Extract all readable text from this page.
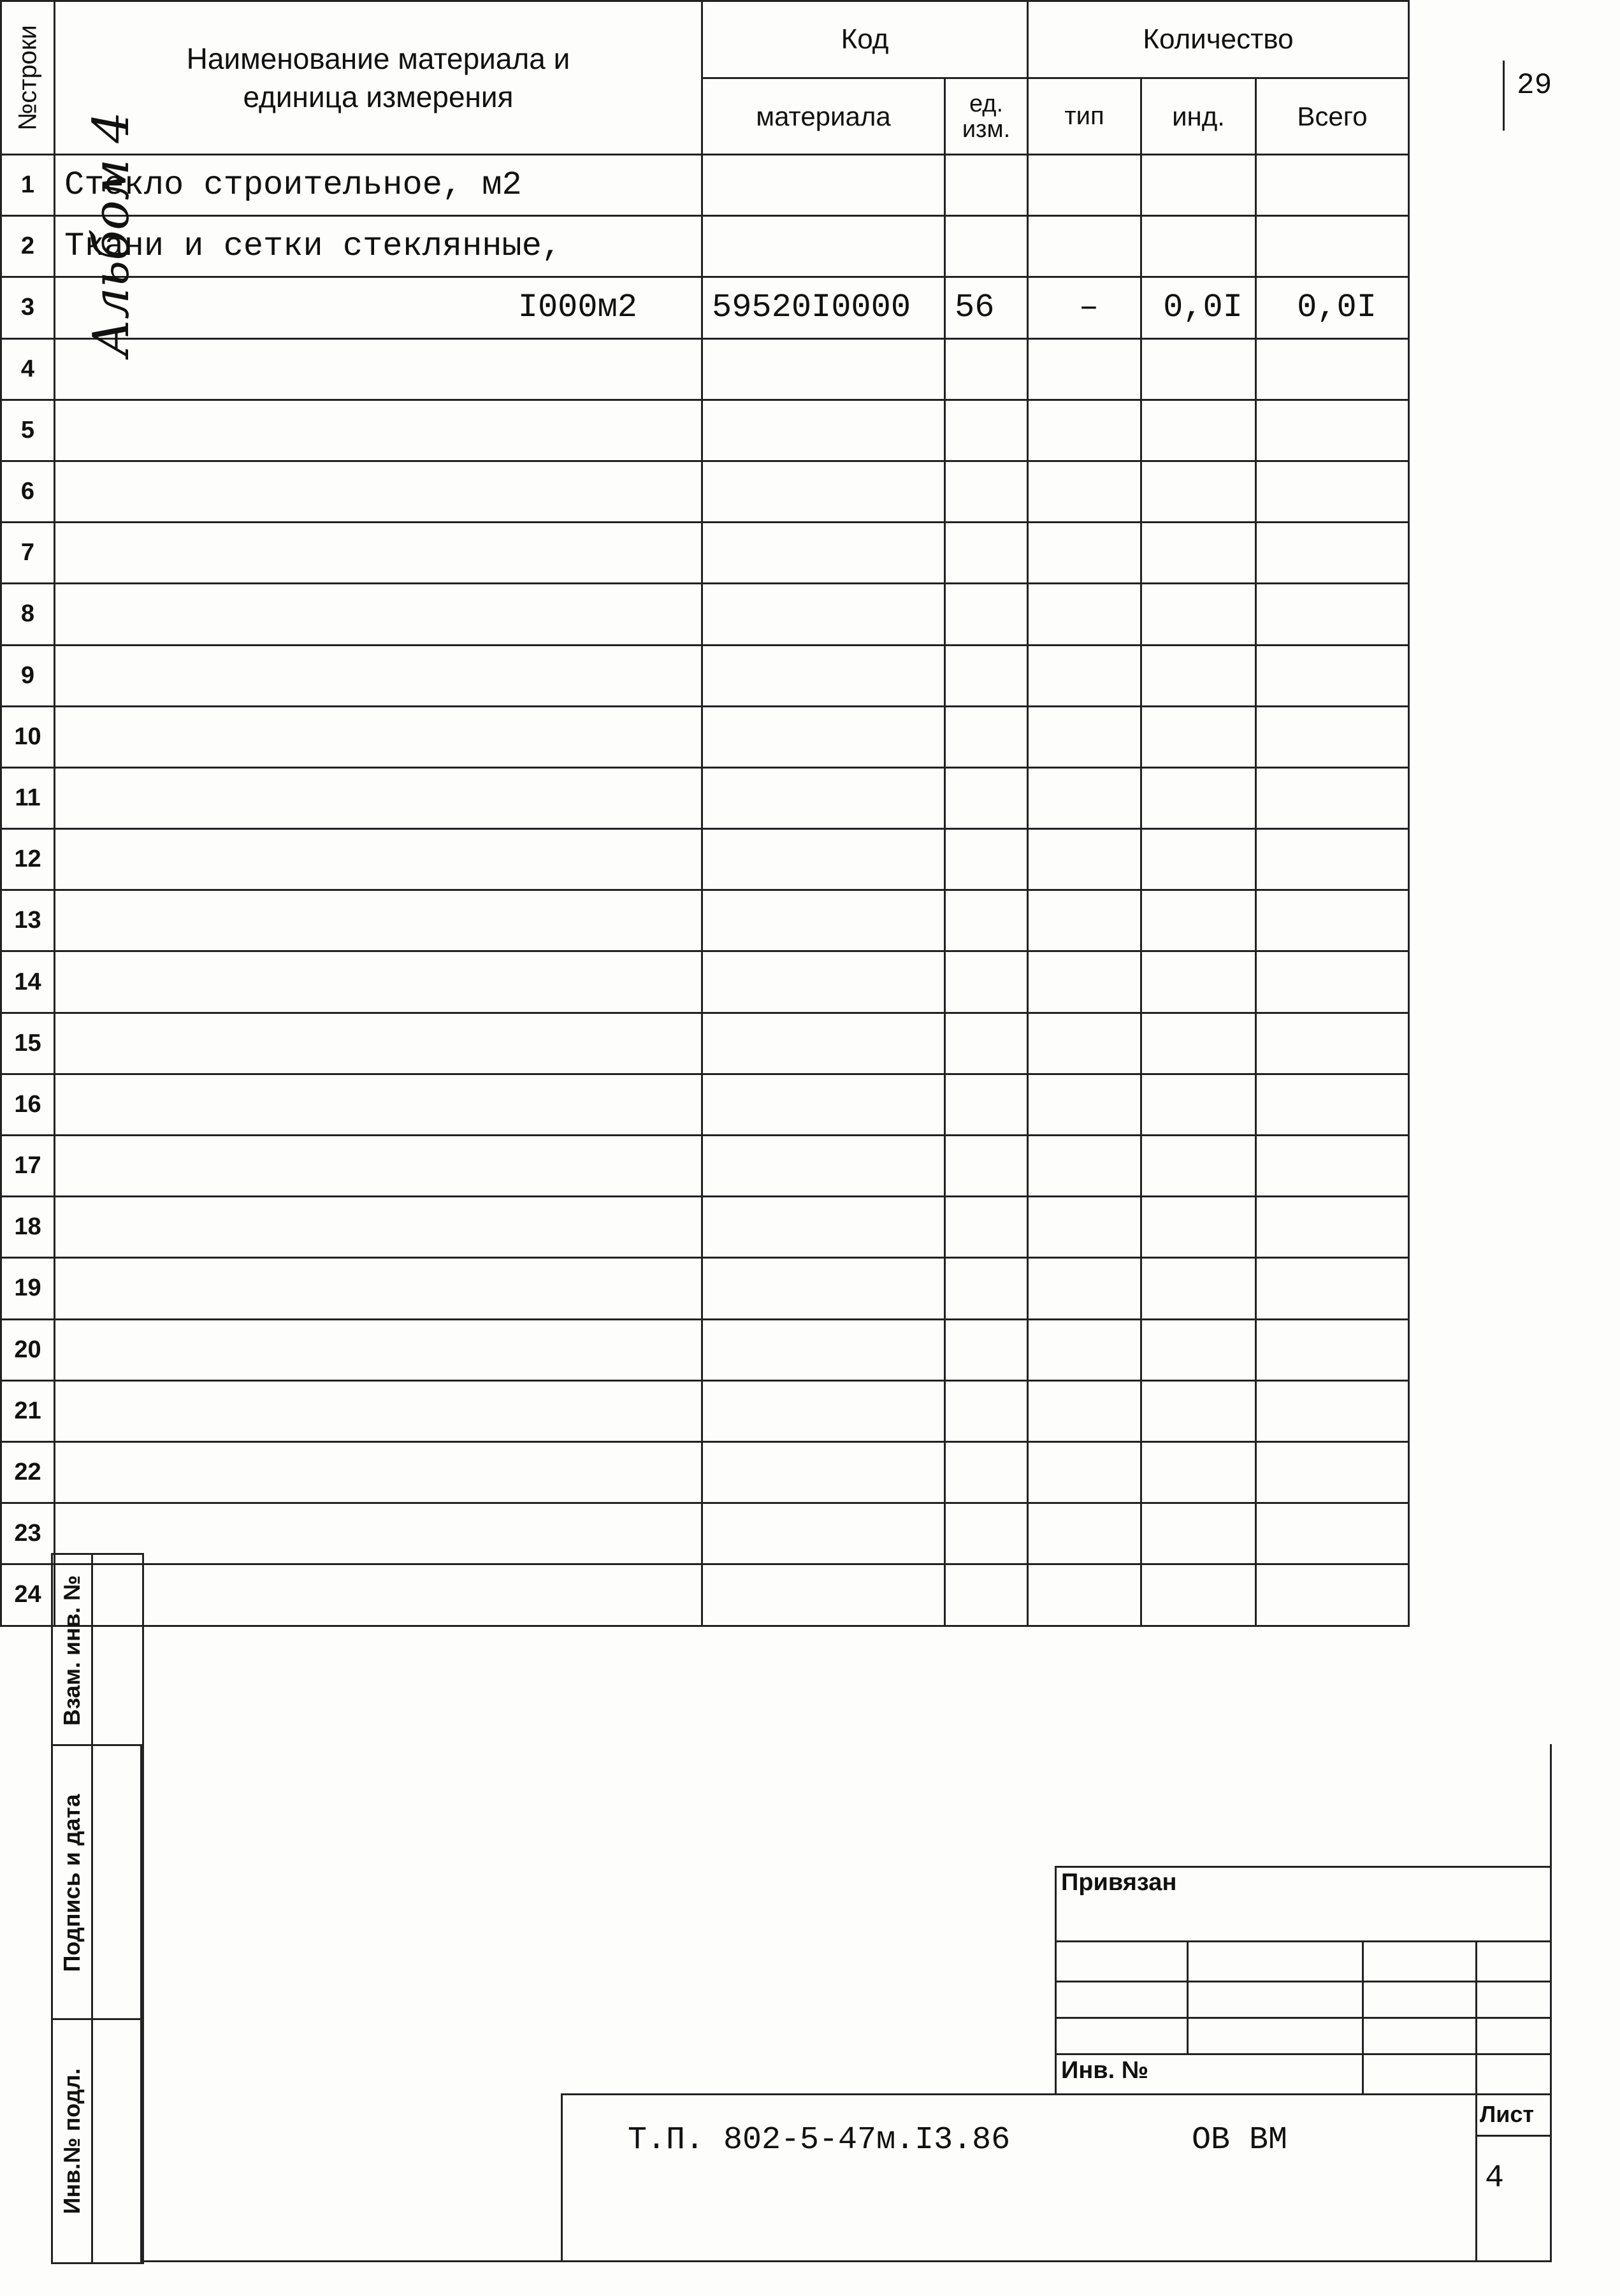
29
Альбом 4
№строки	Наименование материала и единица измерения	Код		Количество		
		материала	ед. изм.	тип	инд.	Всего
1	Стекло строительное, м2					
2	Ткани и сетки стеклянные,					
3	I000м2	59520I0000	56	–	0,0I	0,0I
4						
5						
6						
7						
8						
9						
10						
11						
12						
13						
14						
15						
16						
17						
18						
19						
20						
21						
22						
23						
24						Взам. инв. №
Подпись и дата
Инв.№ подл.
Привязан
Инв. №
Т.П. 802-5-47м.I3.86	ОВ ВМ
Лист
4
